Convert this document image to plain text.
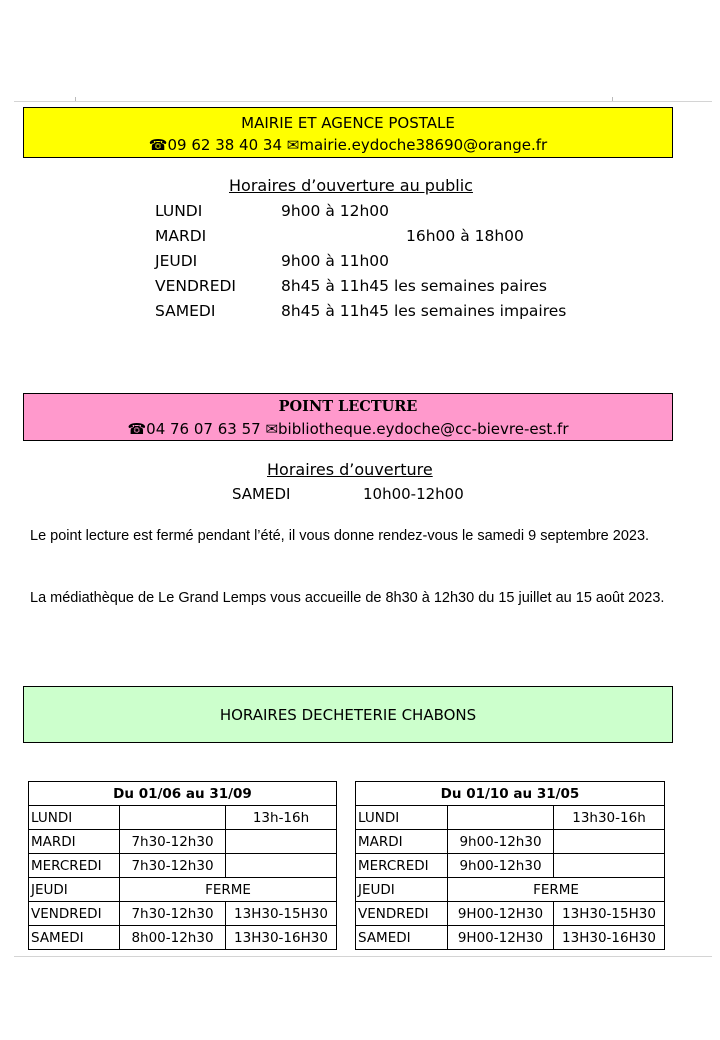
MAIRIE ET AGENCE POSTALE
☎09 62 38 40 34 ✉mairie.eydoche38690@orange.fr
Horaires d’ouverture au public
LUNDI	9h00 à 12h00
MARDI	16h00 à 18h00
JEUDI	9h00 à 11h00
VENDREDI	8h45 à 11h45 les semaines paires
SAMEDI	8h45 à 11h45 les semaines impaires
POINT LECTURE
☎04 76 07 63 57 ✉bibliotheque.eydoche@cc-bievre-est.fr
Horaires d’ouverture
SAMEDI	10h00-12h00
Le point lecture est fermé pendant l’été, il vous donne rendez-vous le samedi 9 septembre 2023.
La médiathèque de Le Grand Lemps vous accueille de 8h30 à 12h30 du 15 juillet au 15 août 2023.
HORAIRES DECHETERIE CHABONS
Du 01/06 au 31/09		
LUNDI		13h-16h
MARDI	7h30-12h30	
MERCREDI	7h30-12h30	
JEUDI	FERME	
VENDREDI	7h30-12h30	13H30-15H30
SAMEDI	8h00-12h30	13H30-16H30
Du 01/10 au 31/05		
LUNDI		13h30-16h
MARDI	9h00-12h30	
MERCREDI	9h00-12h30	
JEUDI	FERME	
VENDREDI	9H00-12H30	13H30-15H30
SAMEDI	9H00-12H30	13H30-16H30
